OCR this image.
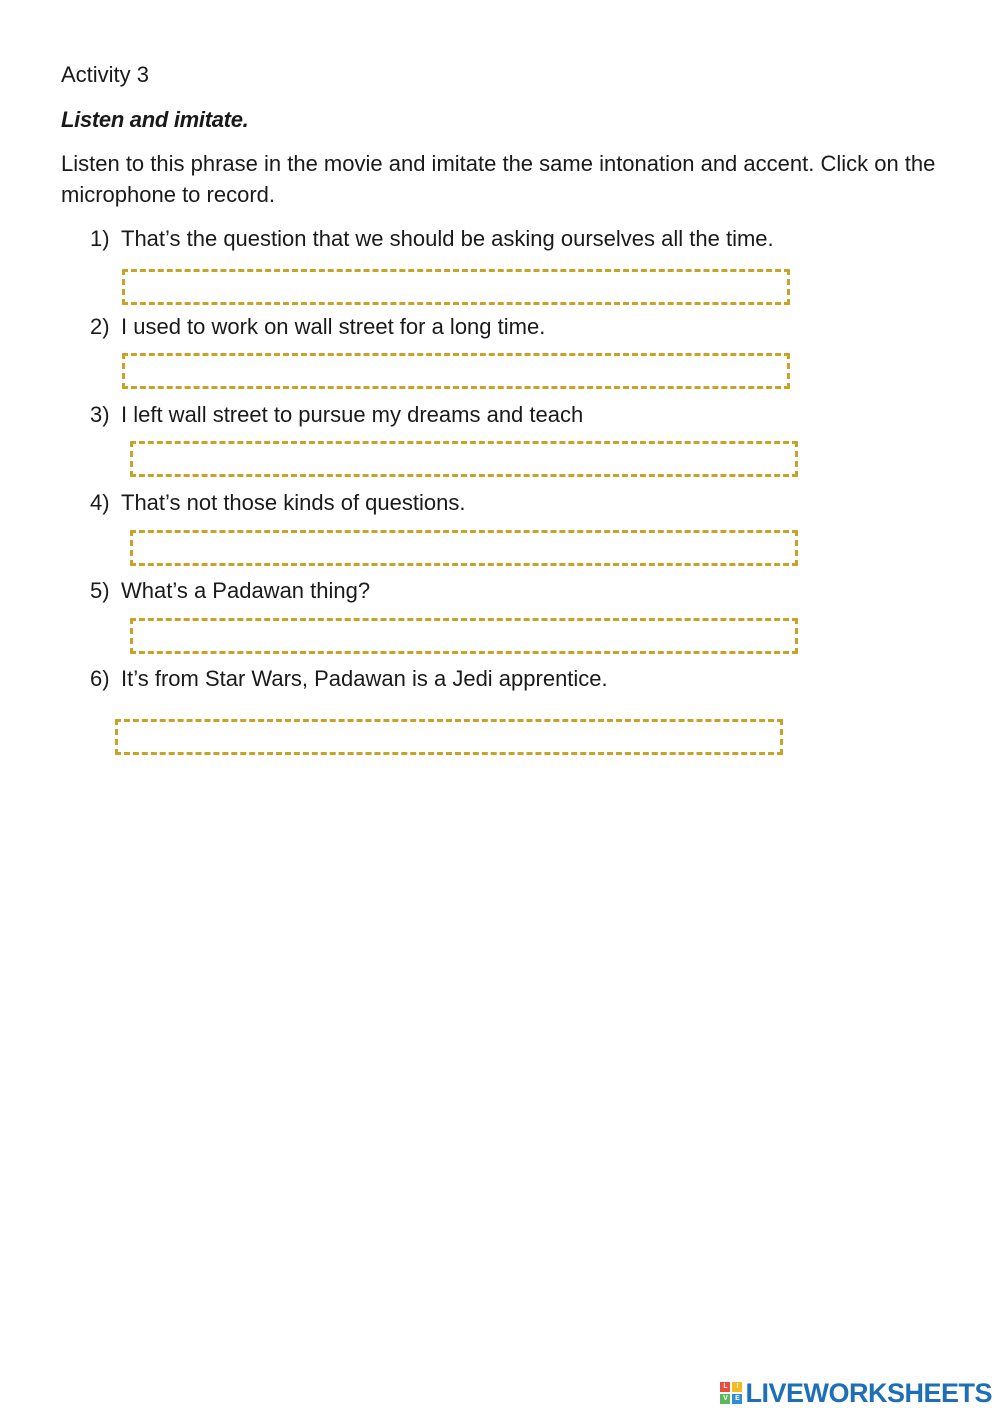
Activity 3
Listen and imitate.
Listen to this phrase in the movie and imitate the same intonation and accent. Click on the microphone to record.
1) That’s the question that we should be asking ourselves all the time.
2) I used to work on wall street for a long time.
3) I left wall street to pursue my dreams and teach
4) That’s not those kinds of questions.
5) What’s a Padawan thing?
6) It’s from Star Wars, Padawan is a Jedi apprentice.
L	I
V	E LIVEWORKSHEETS
